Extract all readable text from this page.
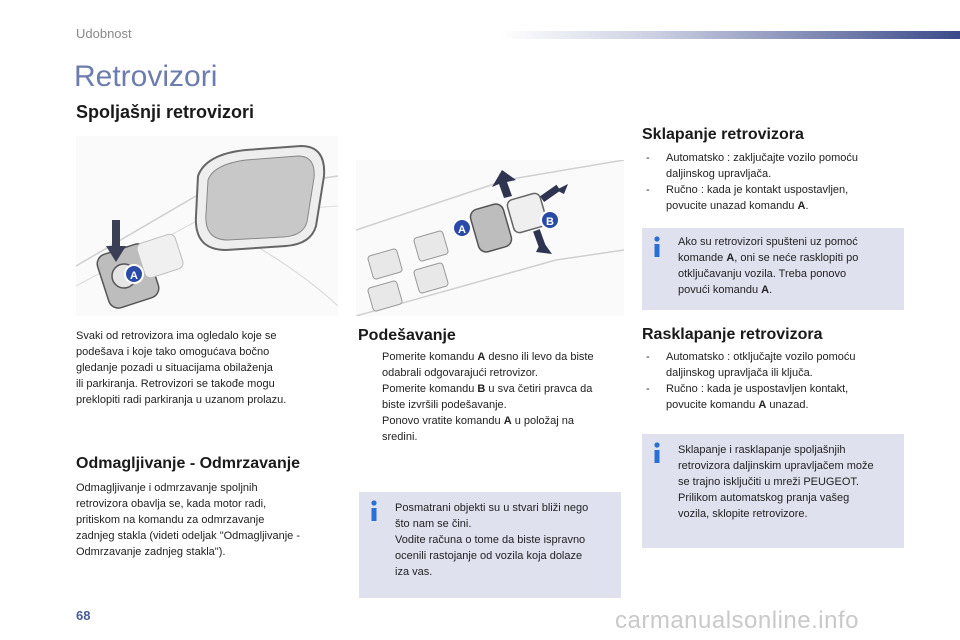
Udobnost
Retrovizori
Spoljašnji retrovizori
A
A
B

Svaki od retrovizora ima ogledalo koje se

podešava i koje tako omogućava bočno

gledanje pozadi u situacijama obilaženja

ili parkiranja. Retrovizori se takođe mogu

preklopiti radi parkiranja u uzanom prolazu.

Odmagljivanje - Odmrzavanje

Odmagljivanje i odmrzavanje spoljnih

retrovizora obavlja se, kada motor radi,

pritiskom na komandu za odmrzavanje

zadnjeg stakla (videti odeljak "Odmagljivanje -

Odmrzavanje zadnjeg stakla").

Podešavanje
Pomerite komandu A desno ili levo da biste
odabrali odgovarajući retrovizor.
Pomerite komandu B u sva četiri pravca da
biste izvršili podešavanje.
Ponovo vratite komandu A u položaj na
sredini.

Posmatrani objekti su u stvari bliži nego

što nam se čini.

Vodite računa o tome da biste ispravno

ocenili rastojanje od vozila koja dolaze

iza vas.

Sklapanje retrovizora
- Automatsko : zaključajte vozilo pomoću
daljinskog upravljača.
- Ručno : kada je kontakt uspostavljen,
povucite unazad komandu A.

Ako su retrovizori spušteni uz pomoć

komande A, oni se neće rasklopiti po

otključavanju vozila. Treba ponovo

povući komandu A.

Rasklapanje retrovizora
- Automatsko : otključajte vozilo pomoću
daljinskog upravljača ili ključa.
- Ručno : kada je uspostavljen kontakt,
povucite komandu A unazad.

Sklapanje i rasklapanje spoljašnjih

retrovizora daljinskim upravljačem može

se trajno isključiti u mreži PEUGEOT.

Prilikom automatskog pranja vašeg

vozila, sklopite retrovizore.

68	carmanualsonline.info
